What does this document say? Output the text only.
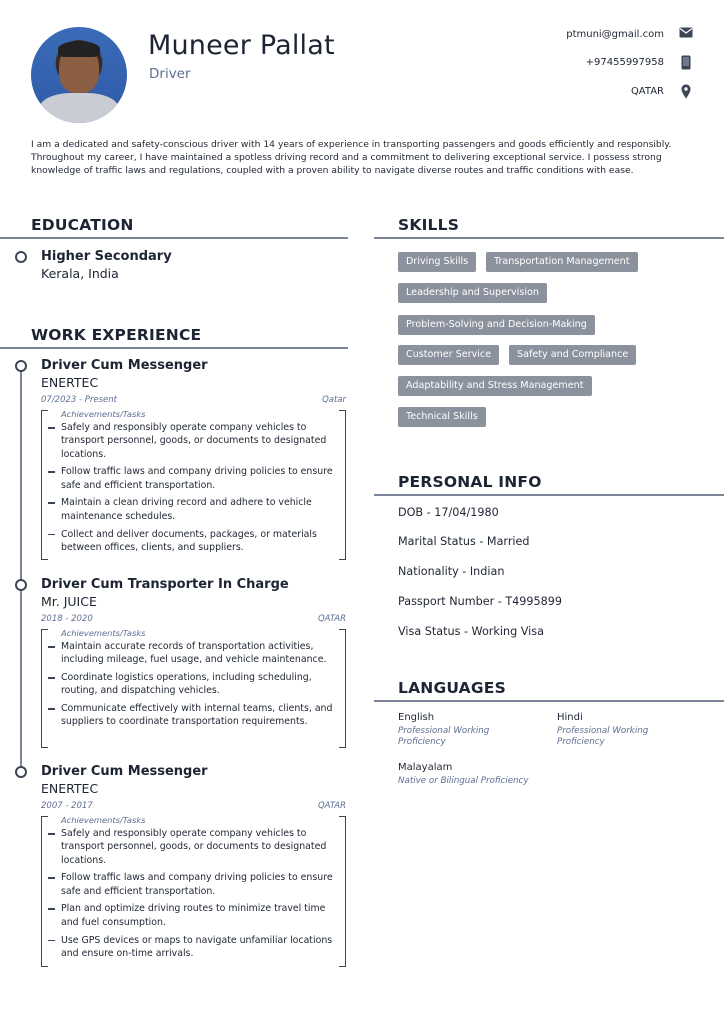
Muneer Pallat
Driver
ptmuni@gmail.com
+97455997958
QATAR
I am a dedicated and safety-conscious driver with 14 years of experience in transporting passengers and goods efficiently and responsibly. Throughout my career, I have maintained a spotless driving record and a commitment to delivering exceptional service. I possess strong knowledge of traffic laws and regulations, coupled with a proven ability to navigate diverse routes and traffic conditions with ease.
EDUCATION
Higher Secondary
Kerala, India
WORK EXPERIENCE
Driver Cum Messenger
ENERTEC
07/2023 - Present	Qatar
Achievements/Tasks
Safely and responsibly operate company vehicles to transport personnel, goods, or documents to designated locations.
Follow traffic laws and company driving policies to ensure safe and efficient transportation.
Maintain a clean driving record and adhere to vehicle maintenance schedules.
Collect and deliver documents, packages, or materials between offices, clients, and suppliers.
Driver Cum Transporter In Charge
Mr. JUICE
2018 - 2020	QATAR
Achievements/Tasks
Maintain accurate records of transportation activities, including mileage, fuel usage, and vehicle maintenance.
Coordinate logistics operations, including scheduling, routing, and dispatching vehicles.
Communicate effectively with internal teams, clients, and suppliers to coordinate transportation requirements.
Driver Cum Messenger
ENERTEC
2007 - 2017	QATAR
Achievements/Tasks
Safely and responsibly operate company vehicles to transport personnel, goods, or documents to designated locations.
Follow traffic laws and company driving policies to ensure safe and efficient transportation.
Plan and optimize driving routes to minimize travel time and fuel consumption.
Use GPS devices or maps to navigate unfamiliar locations and ensure on-time arrivals.
SKILLS
Driving Skills	Transportation Management
Leadership and Supervision
Problem-Solving and Decision-Making
Customer Service	Safety and Compliance
Adaptability and Stress Management
Technical Skills
PERSONAL INFO
DOB - 17/04/1980
Marital Status - Married
Nationality - Indian
Passport Number - T4995899
Visa Status - Working Visa
LANGUAGES
English
Professional Working Proficiency
Hindi
Professional Working Proficiency
Malayalam
Native or Bilingual Proficiency
